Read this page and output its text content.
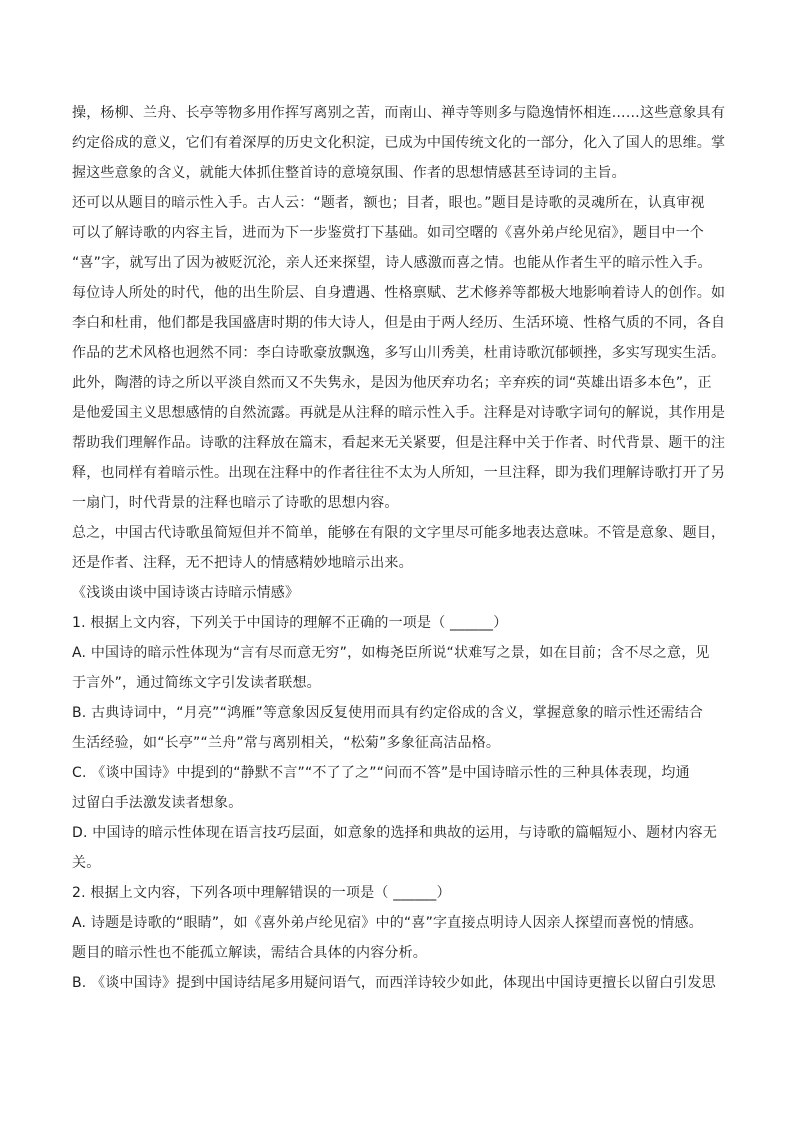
操，杨柳、兰舟、长亭等物多用作挥写离别之苦，而南山、禅寺等则多与隐逸情怀相连……这些意象具有
约定俗成的意义，它们有着深厚的历史文化积淀，已成为中国传统文化的一部分，化入了国人的思维。掌
握这些意象的含义，就能大体抓住整首诗的意境氛围、作者的思想情感甚至诗词的主旨。
还可以从题目的暗示性入手。古人云：“题者，额也；目者，眼也。”题目是诗歌的灵魂所在，认真审视
可以了解诗歌的内容主旨，进而为下一步鉴赏打下基础。如司空曙的《喜外弟卢纶见宿》，题目中一个
“喜”字，就写出了因为被贬沉沦，亲人还来探望，诗人感激而喜之情。也能从作者生平的暗示性入手。
每位诗人所处的时代，他的出生阶层、自身遭遇、性格禀赋、艺术修养等都极大地影响着诗人的创作。如
李白和杜甫，他们都是我国盛唐时期的伟大诗人，但是由于两人经历、生活环境、性格气质的不同，各自
作品的艺术风格也迥然不同：李白诗歌豪放飘逸，多写山川秀美，杜甫诗歌沉郁顿挫，多实写现实生活。
此外，陶潜的诗之所以平淡自然而又不失隽永，是因为他厌弃功名；辛弃疾的词“英雄出语多本色”，正
是他爱国主义思想感情的自然流露。再就是从注释的暗示性入手。注释是对诗歌字词句的解说，其作用是
帮助我们理解作品。诗歌的注释放在篇末，看起来无关紧要，但是注释中关于作者、时代背景、题干的注
释，也同样有着暗示性。出现在注释中的作者往往不太为人所知，一旦注释，即为我们理解诗歌打开了另
一扇门，时代背景的注释也暗示了诗歌的思想内容。
总之，中国古代诗歌虽简短但并不简单，能够在有限的文字里尽可能多地表达意味。不管是意象、题目，
还是作者、注释，无不把诗人的情感精妙地暗示出来。
《浅谈由谈中国诗谈古诗暗示情感》
1. 根据上文内容，下列关于中国诗的理解不正确的一项是（ ______）
A. 中国诗的暗示性体现为“言有尽而意无穷”，如梅尧臣所说“状难写之景，如在目前；含不尽之意，见
于言外”，通过简练文字引发读者联想。
B. 古典诗词中，“月亮”“鸿雁”等意象因反复使用而具有约定俗成的含义，掌握意象的暗示性还需结合
生活经验，如“长亭”“兰舟”常与离别相关，“松菊”多象征高洁品格。
C. 《谈中国诗》中提到的“静默不言”“不了了之”“问而不答”是中国诗暗示性的三种具体表现，均通
过留白手法激发读者想象。
D. 中国诗的暗示性体现在语言技巧层面，如意象的选择和典故的运用，与诗歌的篇幅短小、题材内容无
关。
2. 根据上文内容，下列各项中理解错误的一项是（ ______）
A. 诗题是诗歌的“眼睛”，如《喜外弟卢纶见宿》中的“喜”字直接点明诗人因亲人探望而喜悦的情感。
题目的暗示性也不能孤立解读，需结合具体的内容分析。
B. 《谈中国诗》提到中国诗结尾多用疑问语气，而西洋诗较少如此，体现出中国诗更擅长以留白引发思
